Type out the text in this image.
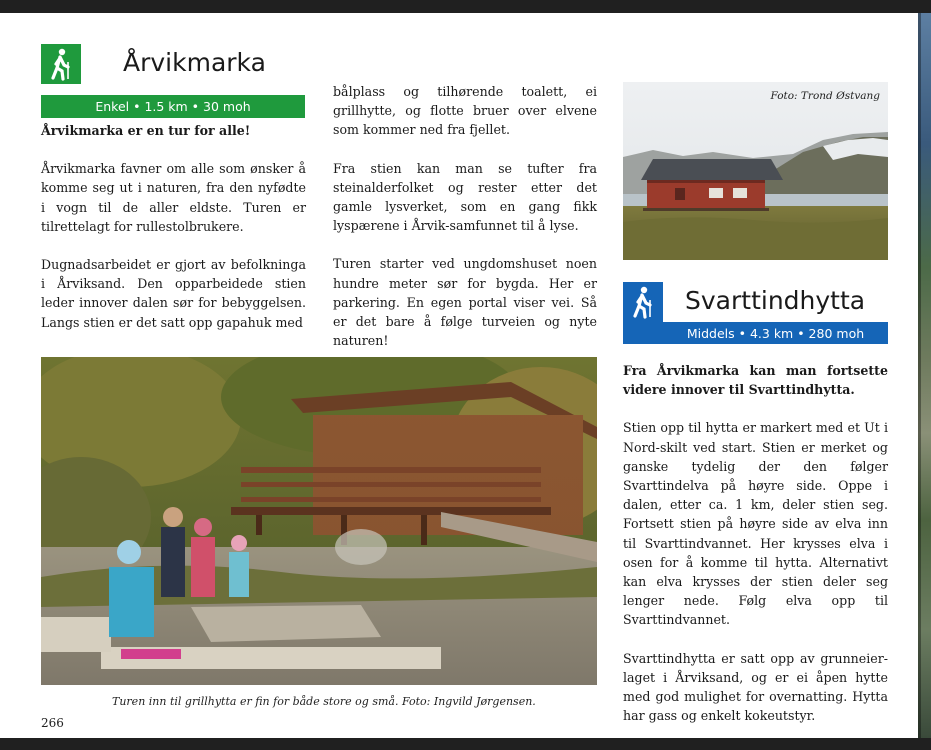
Årvikmarka
Enkel • 1.5 km • 30 moh

Årvikmarka er en tur for alle!

Årvikmarka favner om alle som ønsker å komme seg ut i naturen, fra den nyfødte i vogn til de aller eldste. Turen er tilrettelagt for rullestolbrukere.

Dugnadsarbeidet er gjort av befolkninga i Årviksand. Den opparbeidede stien leder innover dalen sør for bebyggelsen. Langs stien er det satt opp gapahuk med

bålplass og tilhørende toalett, ei grillhytte, og flotte bruer over elvene som kommer ned fra fjellet.

Fra stien kan man se tufter fra steinalderfolket og rester etter det gamle lysverket, som en gang fikk lyspærene i Årvik-samfunnet til å lyse.

Turen starter ved ungdomshuset noen hundre meter sør for bygda. Her er parkering. En egen portal viser vei. Så er det bare å følge turveien og nyte naturen!

Foto: Trond Østvang
Svarttindhytta
Middels • 4.3 km • 280 moh

Fra Årvikmarka kan man fortsette videre innover til Svarttindhytta.

Stien opp til hytta er markert med et Ut i Nord-skilt ved start. Stien er merket og ganske tydelig der den følger Svarttindelva på høyre side. Oppe i dalen, etter ca. 1 km, deler stien seg. Fortsett stien på høyre side av elva inn til Svarttindvannet. Her krysses elva i osen for å komme til hytta. Alternativt kan elva krysses der stien deler seg lenger nede. Følg elva opp til Svarttindvannet.

Svarttindhytta er satt opp av grunneier-laget i Årviksand, og er ei åpen hytte med god mulighet for overnatting. Hytta har gass og enkelt kokeutstyr.

Turen inn til grillhytta er fin for både store og små. Foto: Ingvild Jørgensen.
266
